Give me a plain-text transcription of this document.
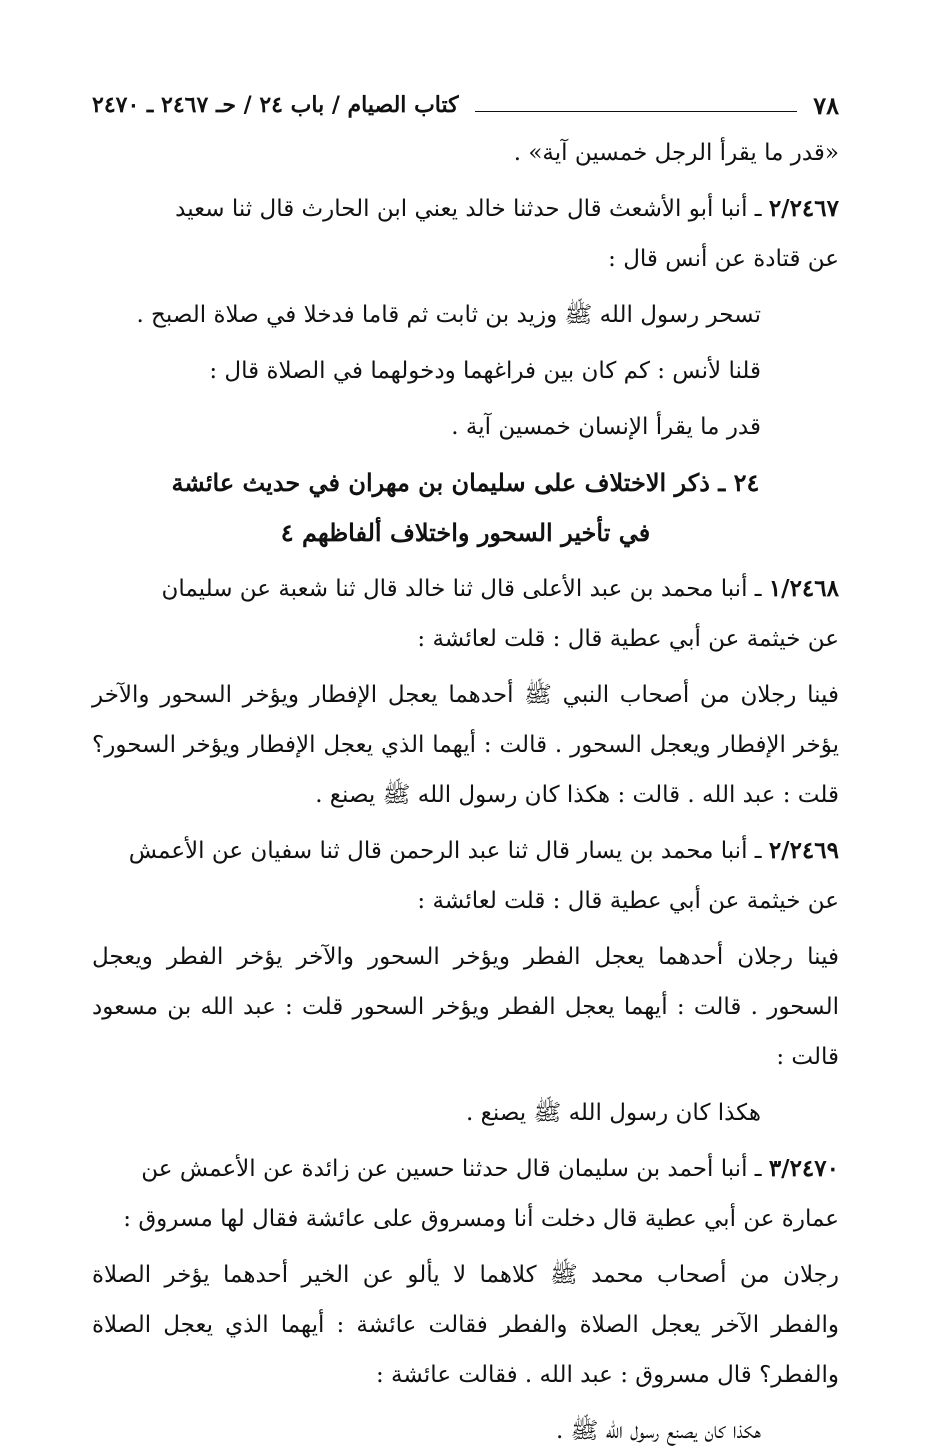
٧٨
كتاب الصيام / باب ٢٤ / حـ ٢٤٦٧ ـ ٢٤٧٠

«قدر ما يقرأ الرجل خمسين آية» .

٢/٢٤٦٧ ـ أنبا أبو الأشعث قال حدثنا خالد يعني ابن الحارث قال ثنا سعيد

عن قتادة عن أنس قال :

تسحر رسول الله ﷺ وزيد بن ثابت ثم قاما فدخلا في صلاة الصبح .

قلنا لأنس : كم كان بين فراغهما ودخولهما في الصلاة قال :

قدر ما يقرأ الإنسان خمسين آية .

٢٤ ـ ذكر الاختلاف على سليمان بن مهران في حديث عائشة
في تأخير السحور واختلاف ألفاظهم ٤

١/٢٤٦٨ ـ أنبا محمد بن عبد الأعلى قال ثنا خالد قال ثنا شعبة عن سليمان

عن خيثمة عن أبي عطية قال : قلت لعائشة :

فينا رجلان من أصحاب النبي ﷺ أحدهما يعجل الإفطار ويؤخر السحور والآخر يؤخر الإفطار ويعجل السحور . قالت : أيهما الذي يعجل الإفطار ويؤخر السحور؟ قلت : عبد الله . قالت : هكذا كان رسول الله ﷺ يصنع .

٢/٢٤٦٩ ـ أنبا محمد بن يسار قال ثنا عبد الرحمن قال ثنا سفيان عن الأعمش

عن خيثمة عن أبي عطية قال : قلت لعائشة :

فينا رجلان أحدهما يعجل الفطر ويؤخر السحور والآخر يؤخر الفطر ويعجل السحور . قالت : أيهما يعجل الفطر ويؤخر السحور قلت : عبد الله بن مسعود قالت :

هكذا كان رسول الله ﷺ يصنع .

٣/٢٤٧٠ ـ أنبا أحمد بن سليمان قال حدثنا حسين عن زائدة عن الأعمش عن

عمارة عن أبي عطية قال دخلت أنا ومسروق على عائشة فقال لها مسروق :

رجلان من أصحاب محمد ﷺ كلاهما لا يألو عن الخير أحدهما يؤخر الصلاة والفطر الآخر يعجل الصلاة والفطر فقالت عائشة : أيهما الذي يعجل الصلاة والفطر؟ قال مسروق : عبد الله . فقالت عائشة :

هكذا كان يصنع رسول الله ﷺ .
